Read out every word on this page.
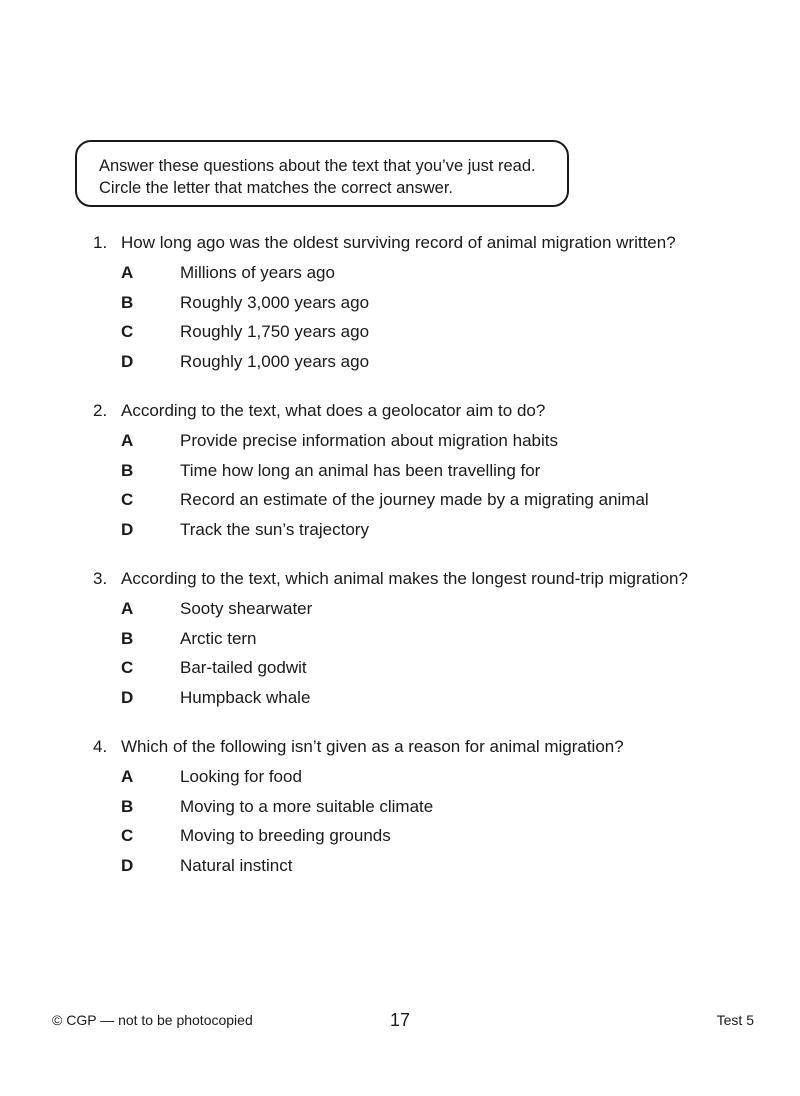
Answer these questions about the text that you’ve just read.
Circle the letter that matches the correct answer.
1. How long ago was the oldest surviving record of animal migration written?
A	Millions of years ago
B	Roughly 3,000 years ago
C	Roughly 1,750 years ago
D	Roughly 1,000 years ago
2. According to the text, what does a geolocator aim to do?
A	Provide precise information about migration habits
B	Time how long an animal has been travelling for
C	Record an estimate of the journey made by a migrating animal
D	Track the sun’s trajectory
3. According to the text, which animal makes the longest round-trip migration?
A	Sooty shearwater
B	Arctic tern
C	Bar-tailed godwit
D	Humpback whale
4. Which of the following isn’t given as a reason for animal migration?
A	Looking for food
B	Moving to a more suitable climate
C	Moving to breeding grounds
D	Natural instinct
© CGP — not to be photocopied	17	Test 5
